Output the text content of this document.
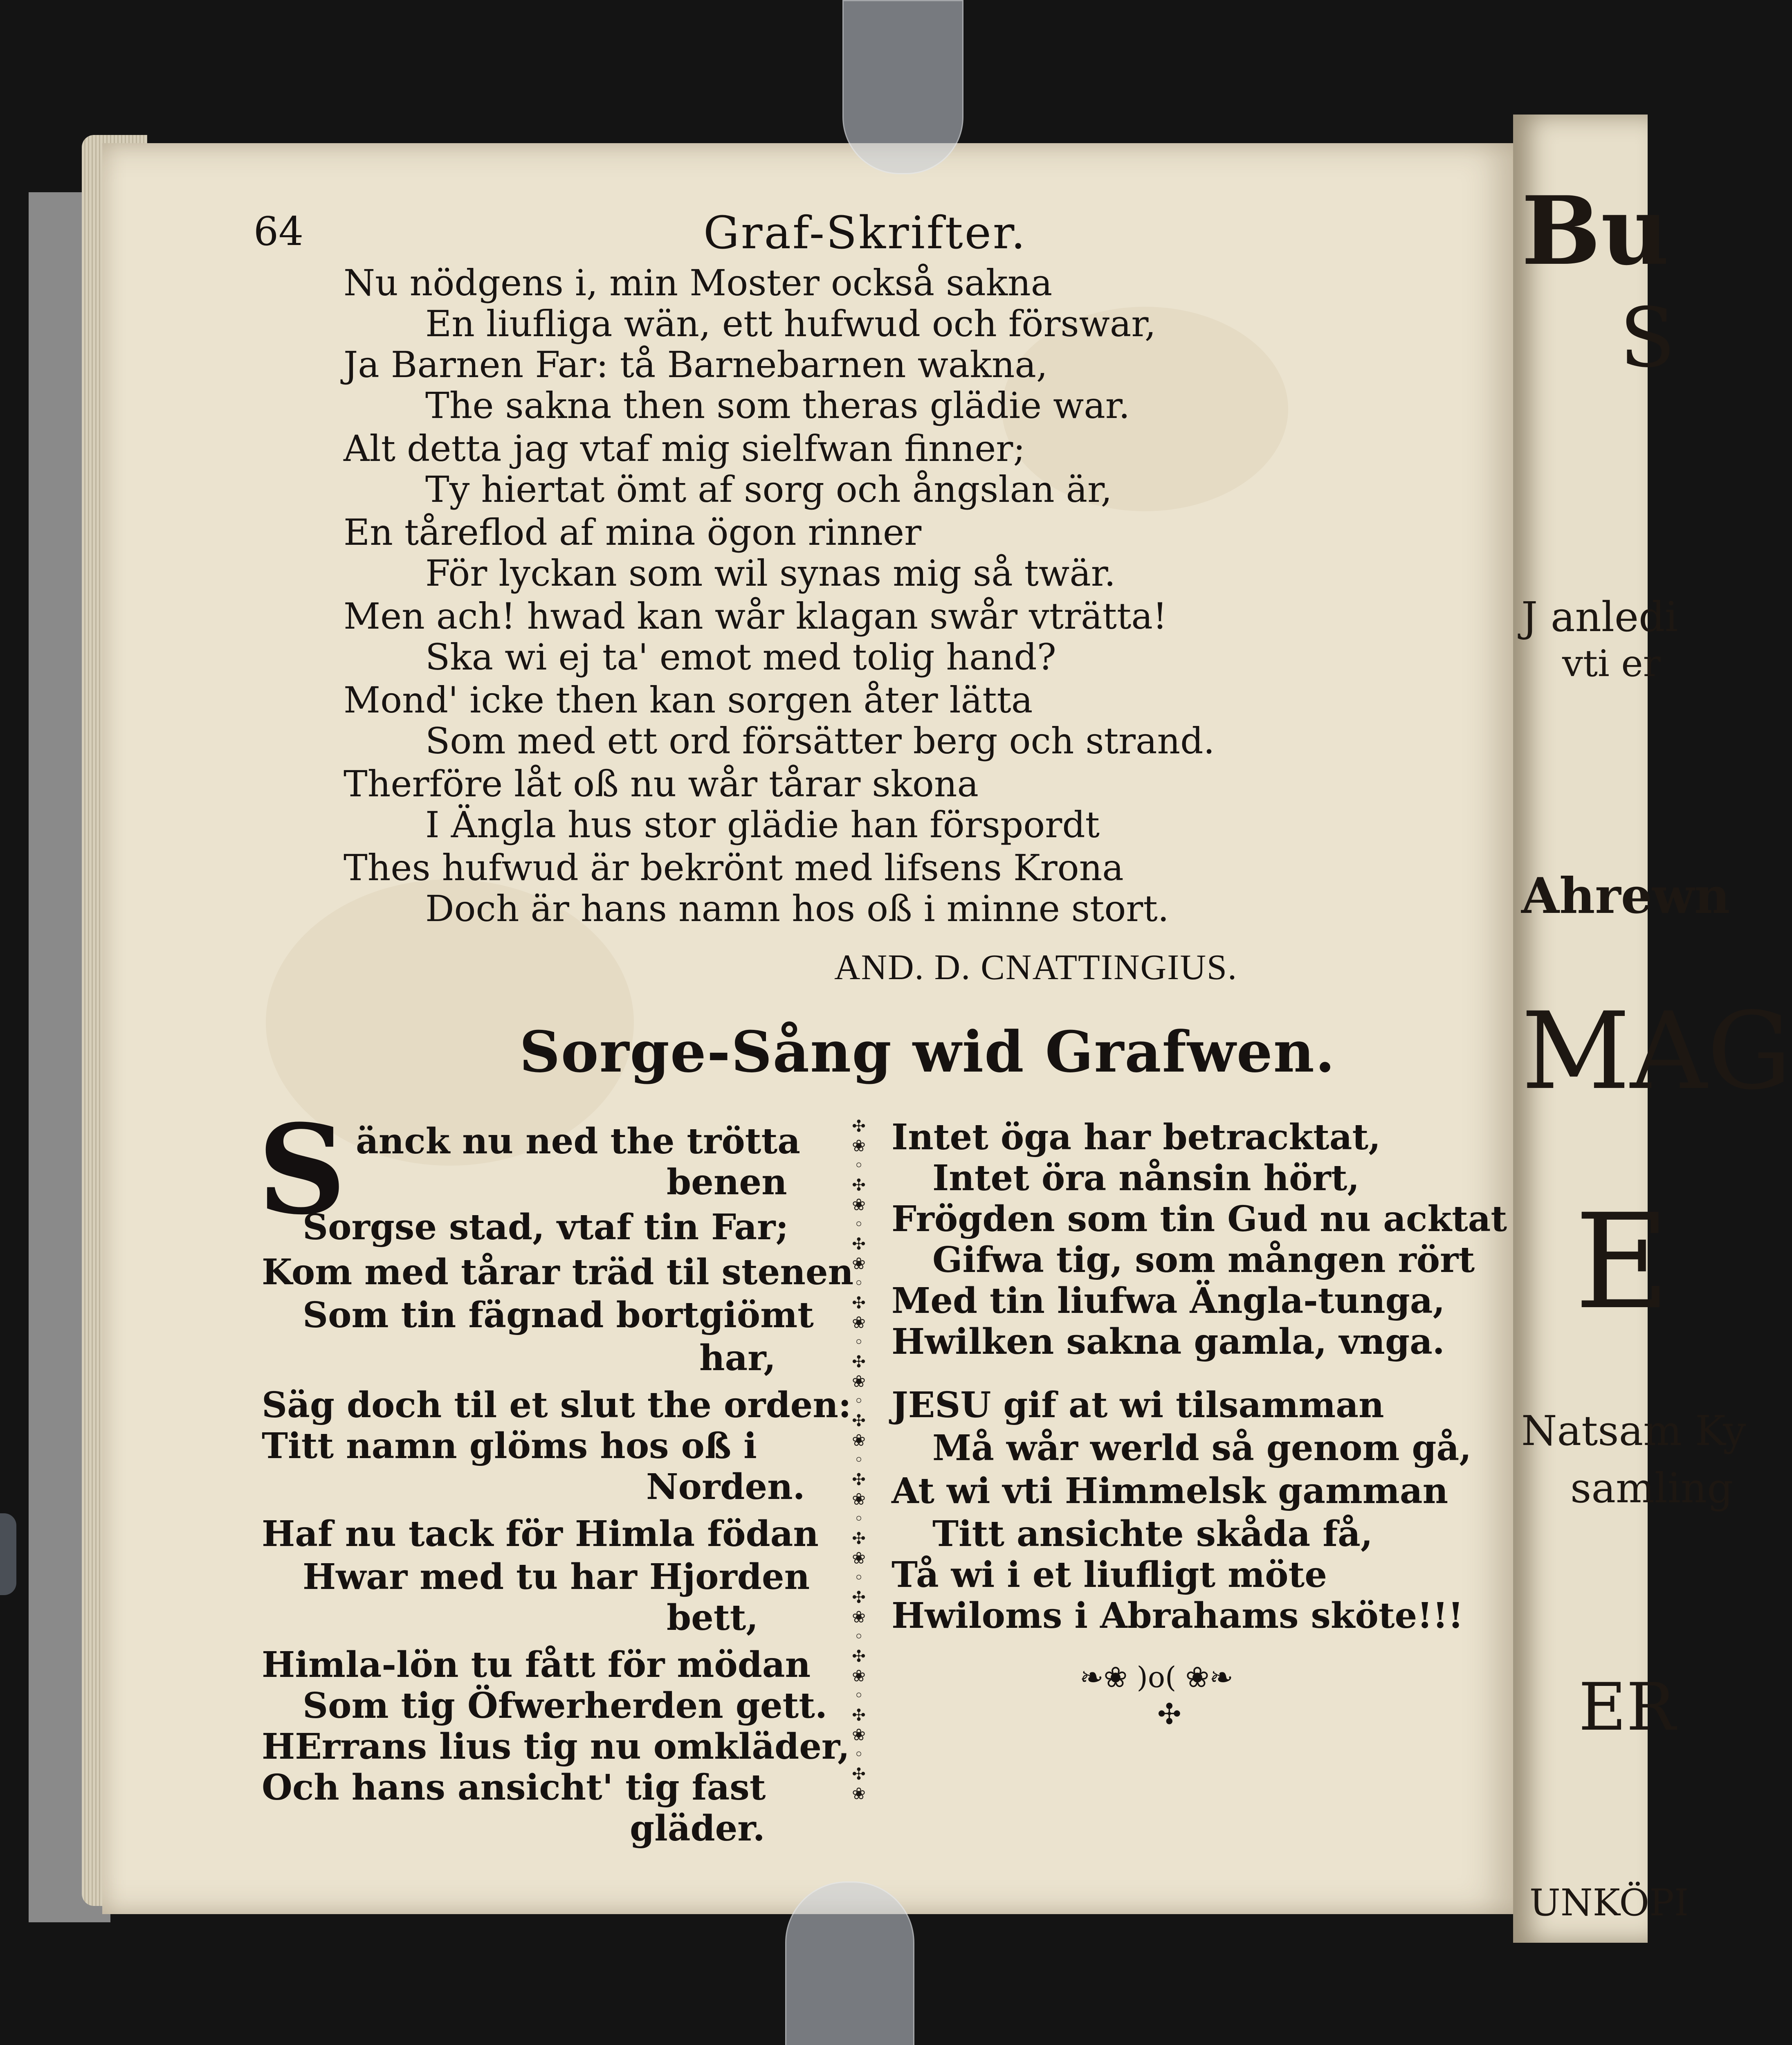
Bu
S
J anledi
vti er
Ahrewn
MAG
E
Natsam Ky
samling
ER
UNKÖPI
64	Graf-Skrifter.
Nu nödgens i, min Moster också sakna
En liufliga wän, ett hufwud och förswar,
Ja Barnen Far: tå Barnebarnen wakna,
The sakna then som theras glädie war.
Alt detta jag vtaf mig sielfwan finner;
Ty hiertat ömt af sorg och ångslan är,
En tåreflod af mina ögon rinner
För lyckan som wil synas mig så twär.
Men ach! hwad kan wår klagan swår vträtta!
Ska wi ej ta' emot med tolig hand?
Mond' icke then kan sorgen åter lätta
Som med ett ord försätter berg och strand.
Therföre låt oß nu wår tårar skona
I Ängla hus stor glädie han förspordt
Thes hufwud är bekrönt med lifsens Krona
Doch är hans namn hos oß i minne stort.
AND. D. CNATTINGIUS.
Sorge-Sång wid Grafwen.
S änck nu ned the trötta
benen
Sorgse stad, vtaf tin Far;
Kom med tårar träd til stenen
Som tin fägnad bortgiömt
har,
Säg doch til et slut the orden:
Titt namn glöms hos oß i
Norden.
Haf nu tack för Himla födan
Hwar med tu har Hjorden
bett,
Himla-lön tu fått för mödan
Som tig Öfwerherden gett.
HErrans lius tig nu omkläder,
Och hans ansicht' tig fast
gläder.
✣
❀
◦
✣
❀
◦
✣
❀
◦
✣
❀
◦
✣
❀
◦
✣
❀
◦
✣
❀
◦
✣
❀
◦
✣
❀
◦
✣
❀
◦
✣
❀
◦
✣
❀
Intet öga har betracktat,
Intet öra nånsin hört,
Frögden som tin Gud nu acktat
Gifwa tig, som mången rört
Med tin liufwa Ängla-tunga,
Hwilken sakna gamla, vnga.
JESU gif at wi tilsamman
Må wår werld så genom gå,
At wi vti Himmelsk gamman
Titt ansichte skåda få,
Tå wi i et liufligt möte
Hwiloms i Abrahams sköte!!!
❧❀ )o( ❀❧
✣
